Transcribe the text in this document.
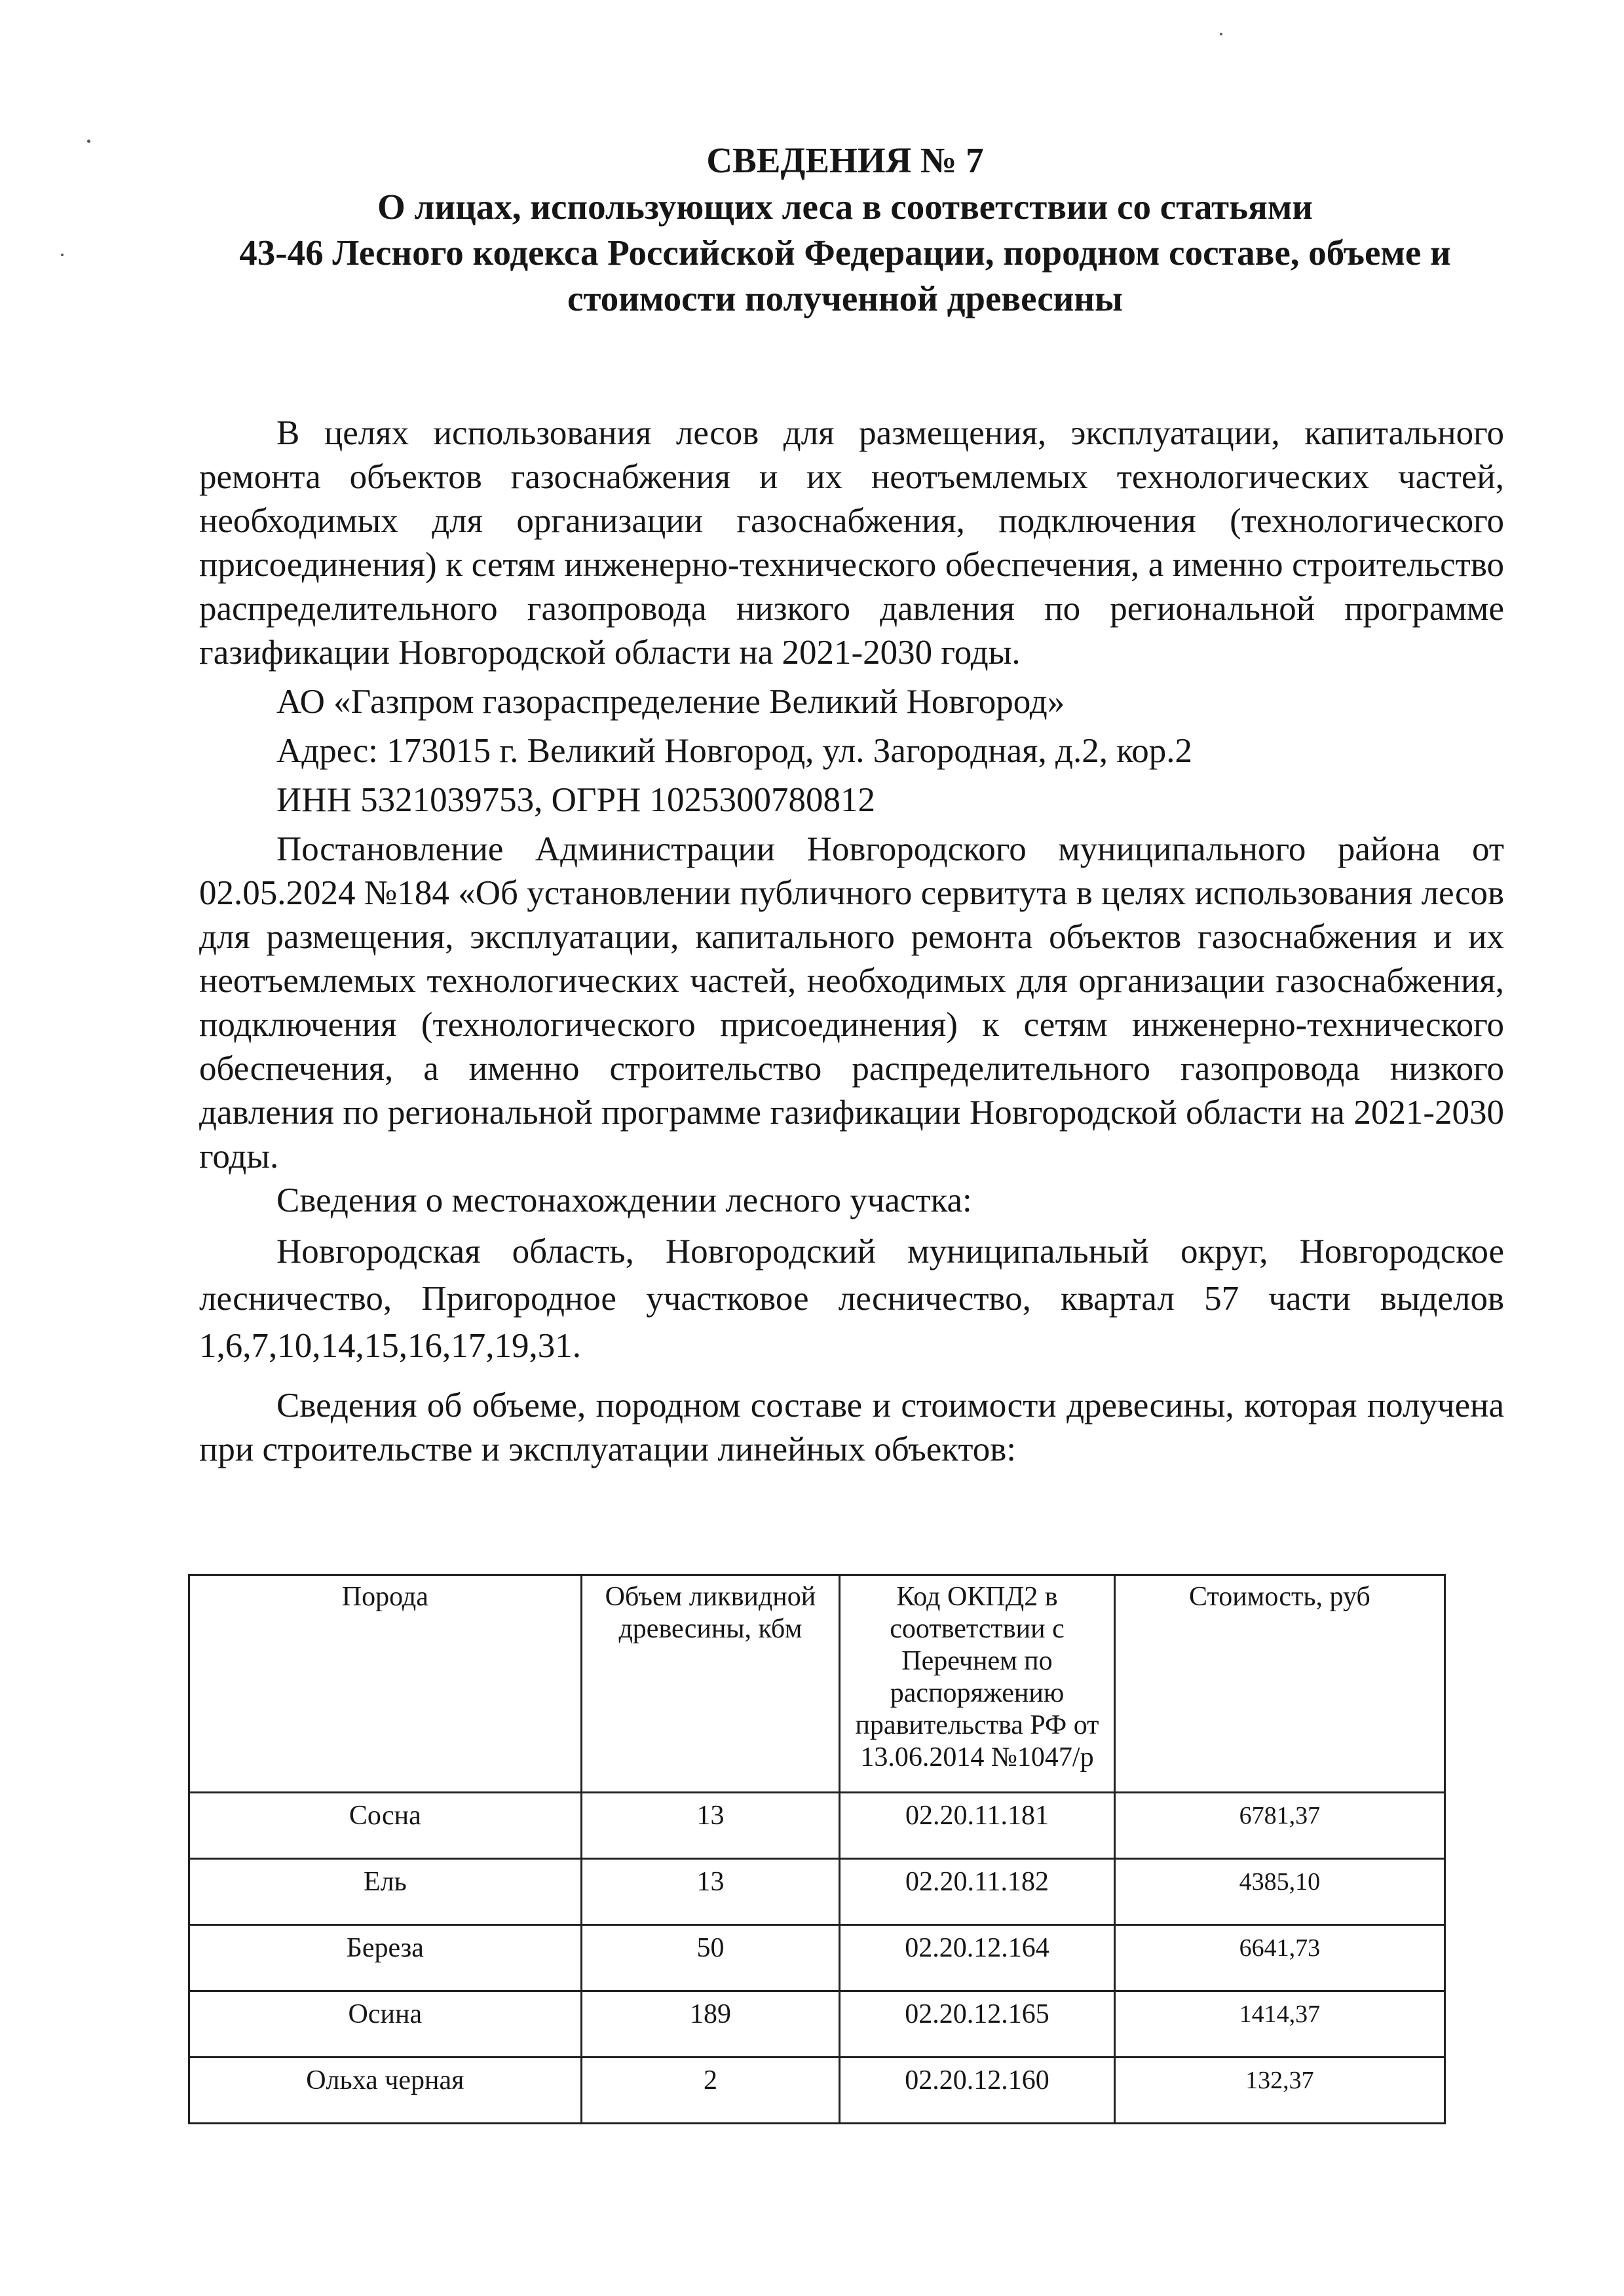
СВЕДЕНИЯ № 7
О лицах, использующих леса в соответствии со статьями
43-46 Лесного кодекса Российской Федерации, породном составе, объеме и
стоимости полученной древесины

В целях использования лесов для размещения, эксплуатации, капитального ремонта объектов газоснабжения и их неотъемлемых технологических частей, необходимых для организации газоснабжения, подключения (технологического присоединения) к сетям инженерно-технического обеспечения, а именно строительство распределительного газопровода низкого давления по региональной программе газификации Новгородской области на 2021-2030 годы.

АО «Газпром газораспределение Великий Новгород»

Адрес: 173015 г. Великий Новгород, ул. Загородная, д.2, кор.2

ИНН 5321039753, ОГРН 1025300780812

Постановление Администрации Новгородского муниципального района от 02.05.2024 №184 «Об установлении публичного сервитута в целях использования лесов для размещения, эксплуатации, капитального ремонта объектов газоснабжения и их неотъемлемых технологических частей, необходимых для организации газоснабжения, подключения (технологического присоединения) к сетям инженерно-технического обеспечения, а именно строительство распределительного газопровода низкого давления по региональной программе газификации Новгородской области на 2021-2030 годы.

Сведения о местонахождении лесного участка:

Новгородская область, Новгородский муниципальный округ, Новгородское лесничество, Пригородное участковое лесничество, квартал 57 части выделов 1,6,7,10,14,15,16,17,19,31.

Сведения об объеме, породном составе и стоимости древесины, которая получена при строительстве и эксплуатации линейных объектов:

Порода	Объем ликвидной древесины, кбм	Код ОКПД2 в соответствии с Перечнем по распоряжению правительства РФ от 13.06.2014 №1047/р	Стоимость, руб
Сосна	13	02.20.11.181	6781,37
Ель	13	02.20.11.182	4385,10
Береза	50	02.20.12.164	6641,73
Осина	189	02.20.12.165	1414,37
Ольха черная	2	02.20.12.160	132,37
